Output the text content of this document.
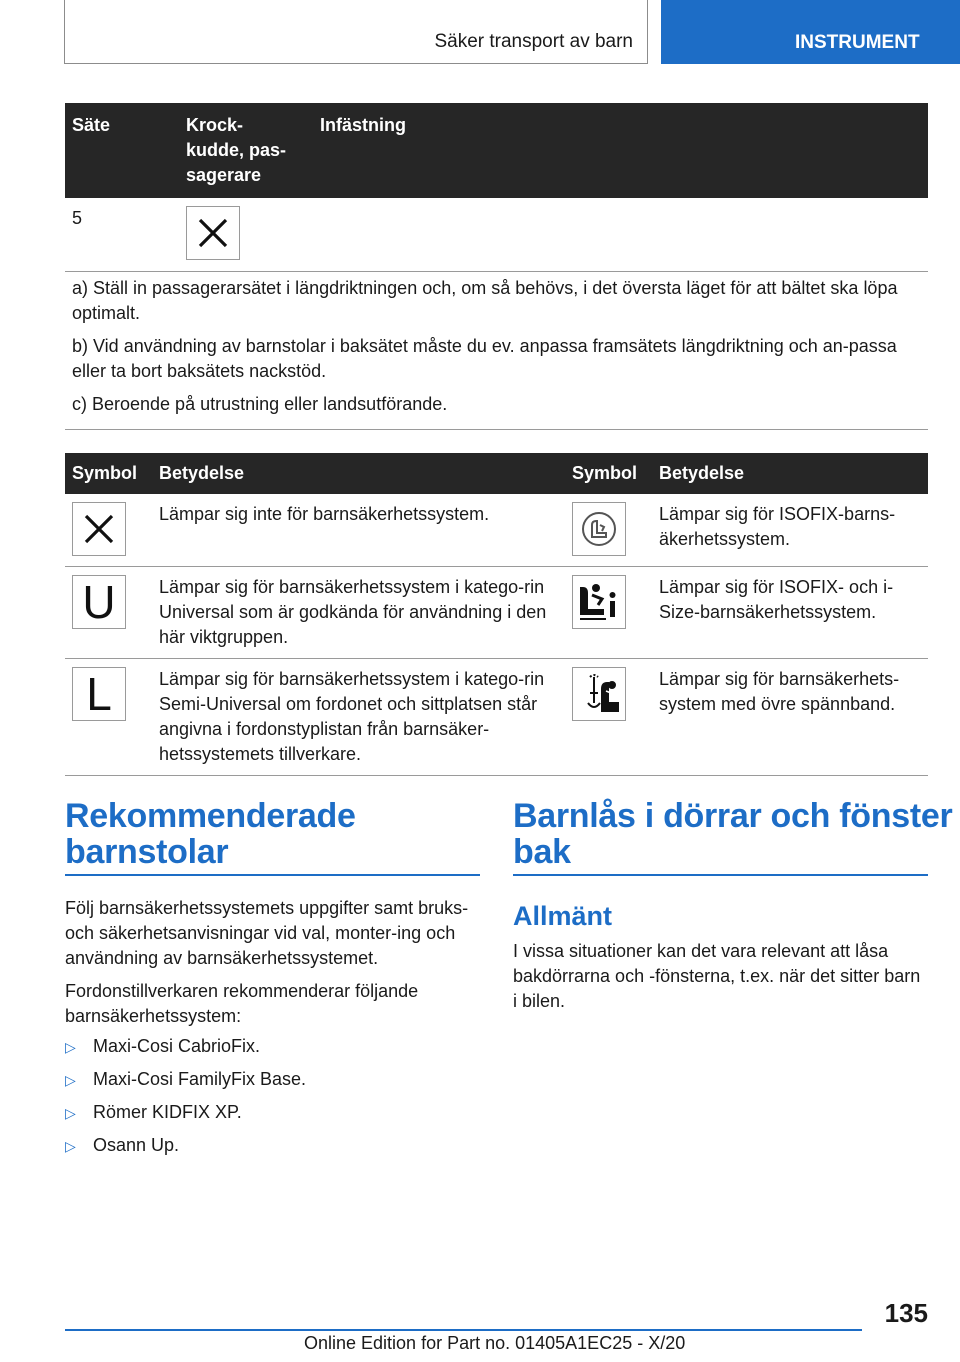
Säker transport av barn	INSTRUMENT
Säte	Krock-
kudde, pas-
sagerare	Infästning
5	

a) Ställ in passagerarsätet i längdriktningen och, om så behövs, i det översta läget för att bältet ska löpa optimalt.

b) Vid användning av barnstolar i baksätet måste du ev. anpassa framsätets längdriktning och an-passa eller ta bort baksätets nackstöd.

c) Beroende på utrustning eller landsutförande.

Symbol	Betydelse	Symbol	Betydelse

	Lämpar sig inte för barnsäkerhetssystem.		Lämpar sig för ISOFIX-barns-äkerhetssystem.

U	Lämpar sig för barnsäkerhetssystem i katego-rin Universal som är godkända för användning i den här viktgruppen.		Lämpar sig för ISOFIX- och i-Size-barnsäkerhetssystem.

L	Lämpar sig för barnsäkerhetssystem i katego-rin Semi-Universal om fordonet och sittplatsen står angivna i fordonstyplistan från barnsäker-hetssystemets tillverkare.		Lämpar sig för barnsäkerhets-system med övre spännband.
Rekommenderade
barnstolar

Följ barnsäkerhetssystemets uppgifter samt bruks- och säkerhetsanvisningar vid val, monter-ing och användning av barnsäkerhetssystemet.

Fordonstillverkaren rekommenderar följande barnsäkerhetssystem:

▷ Maxi-Cosi CabrioFix.
▷ Maxi-Cosi FamilyFix Base.
▷ Römer KIDFIX XP.
▷ Osann Up.
Barnlås i dörrar och fönster
bak
Allmänt

I vissa situationer kan det vara relevant att låsa bakdörrarna och -fönsterna, t.ex. när det sitter barn i bilen.

135
Online Edition for Part no. 01405A1EC25 - X/20
